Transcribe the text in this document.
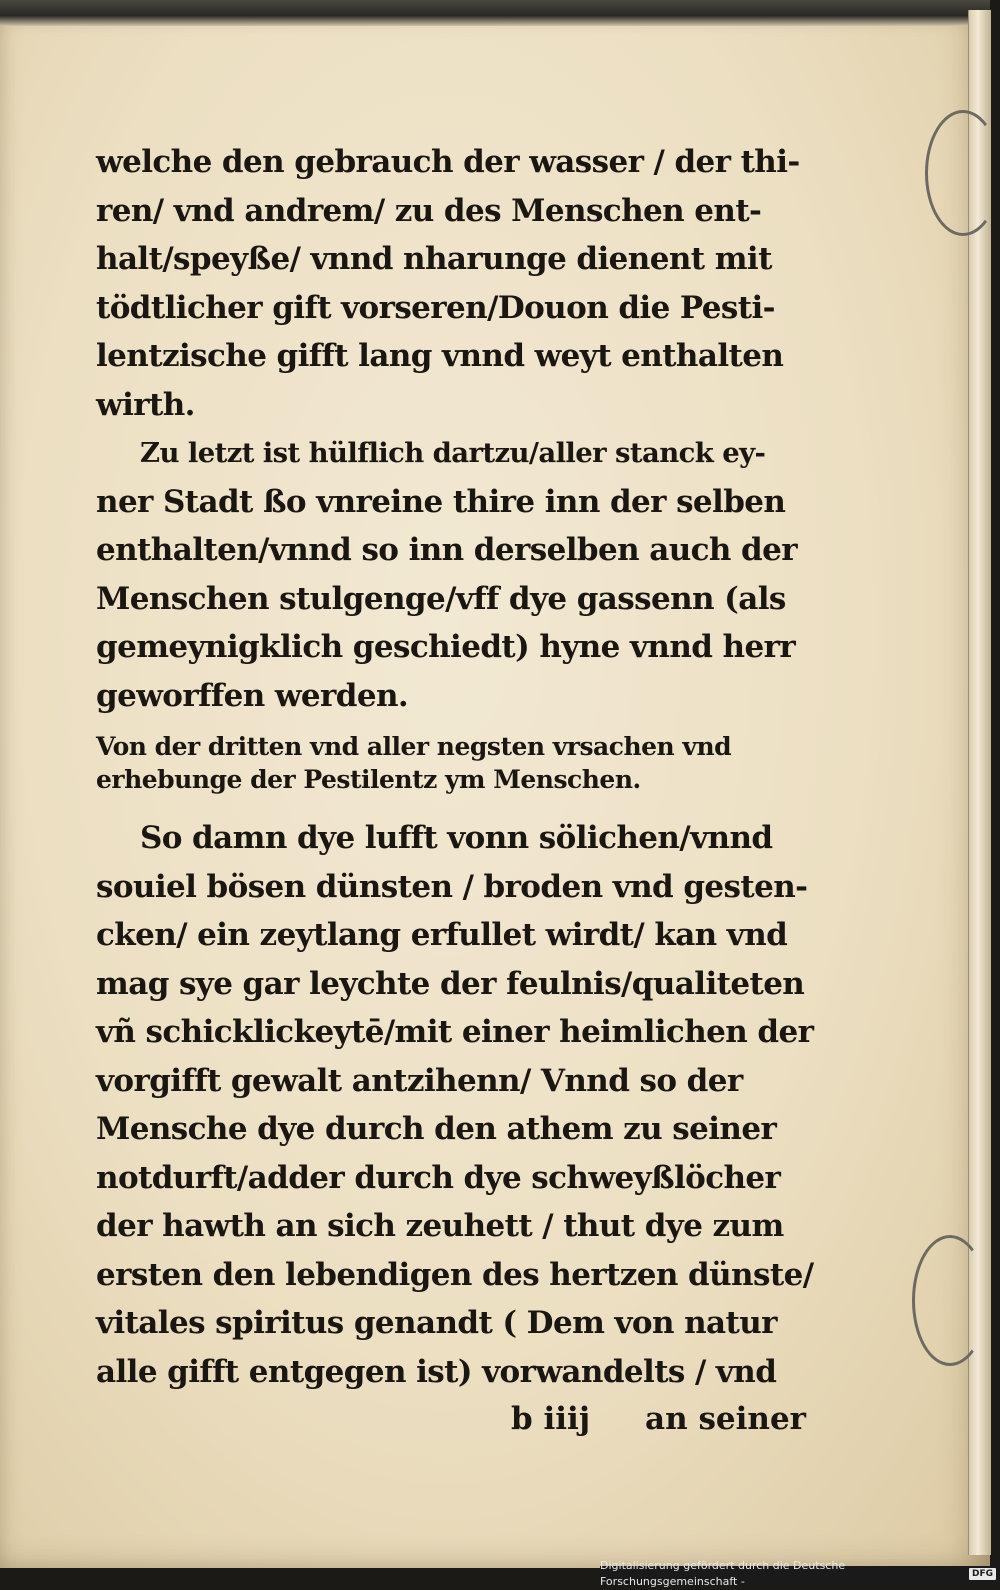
welche den gebrauch der wasser / der thi-
ren/ vnd andrem/ zu des Menschen ent-
halt/speyße/ vnnd nharunge dienent mit
tödtlicher gift vorseren/Douon die Pesti-
lentzische gifft lang vnnd weyt enthalten
wirth.
Zu letzt ist hülflich dartzu/aller stanck ey-
ner Stadt ßo vnreine thire inn der selben
enthalten/vnnd so inn derselben auch der
Menschen stulgenge/vff dye gassenn (als
gemeynigklich geschiedt) hyne vnnd herr
geworffen werden.
Von der dritten vnd aller negsten vrsachen vnd
erhebunge der Pestilentz ym Menschen.
So damn dye lufft vonn sölichen/vnnd
souiel bösen dünsten / broden vnd gesten-
cken/ ein zeytlang erfullet wirdt/ kan vnd
mag sye gar leychte der feulnis/qualiteten
vñ schicklickeytē/mit einer heimlichen der
vorgifft gewalt antzihenn/ Vnnd so der
Mensche dye durch den athem zu seiner
notdurft/adder durch dye schweyßlöcher
der hawth an sich zeuhett / thut dye zum
ersten den lebendigen des hertzen dünste/
vitales spiritus genandt ( Dem von natur
alle gifft entgegen ist) vorwandelts / vnd
b iiij an seiner
Digitalisierung gefördert durch die Deutsche Forschungsgemeinschaft -
DFG
